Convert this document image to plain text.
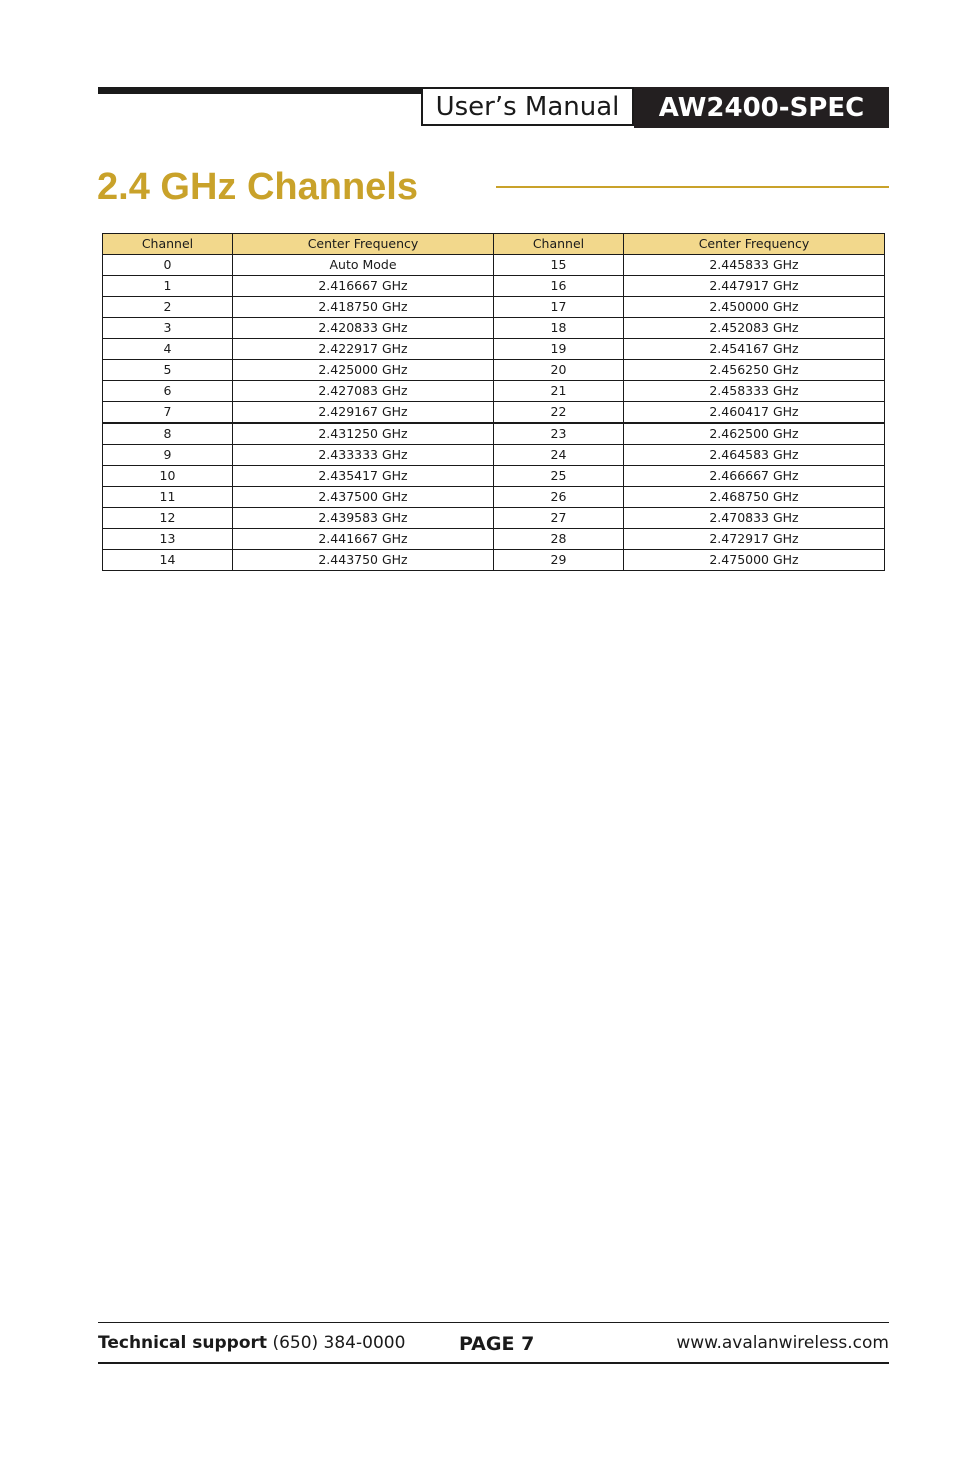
User’s Manual AW2400-SPEC
2.4 GHz Channels
Channel	Center Frequency	Channel	Center Frequency
0	Auto Mode	15	2.445833 GHz
1	2.416667 GHz	16	2.447917 GHz
2	2.418750 GHz	17	2.450000 GHz
3	2.420833 GHz	18	2.452083 GHz
4	2.422917 GHz	19	2.454167 GHz
5	2.425000 GHz	20	2.456250 GHz
6	2.427083 GHz	21	2.458333 GHz
7	2.429167 GHz	22	2.460417 GHz
8	2.431250 GHz	23	2.462500 GHz
9	2.433333 GHz	24	2.464583 GHz
10	2.435417 GHz	25	2.466667 GHz
11	2.437500 GHz	26	2.468750 GHz
12	2.439583 GHz	27	2.470833 GHz
13	2.441667 GHz	28	2.472917 GHz
14	2.443750 GHz	29	2.475000 GHz
Technical support (650) 384-0000	PAGE 7	www.avalanwireless.com
